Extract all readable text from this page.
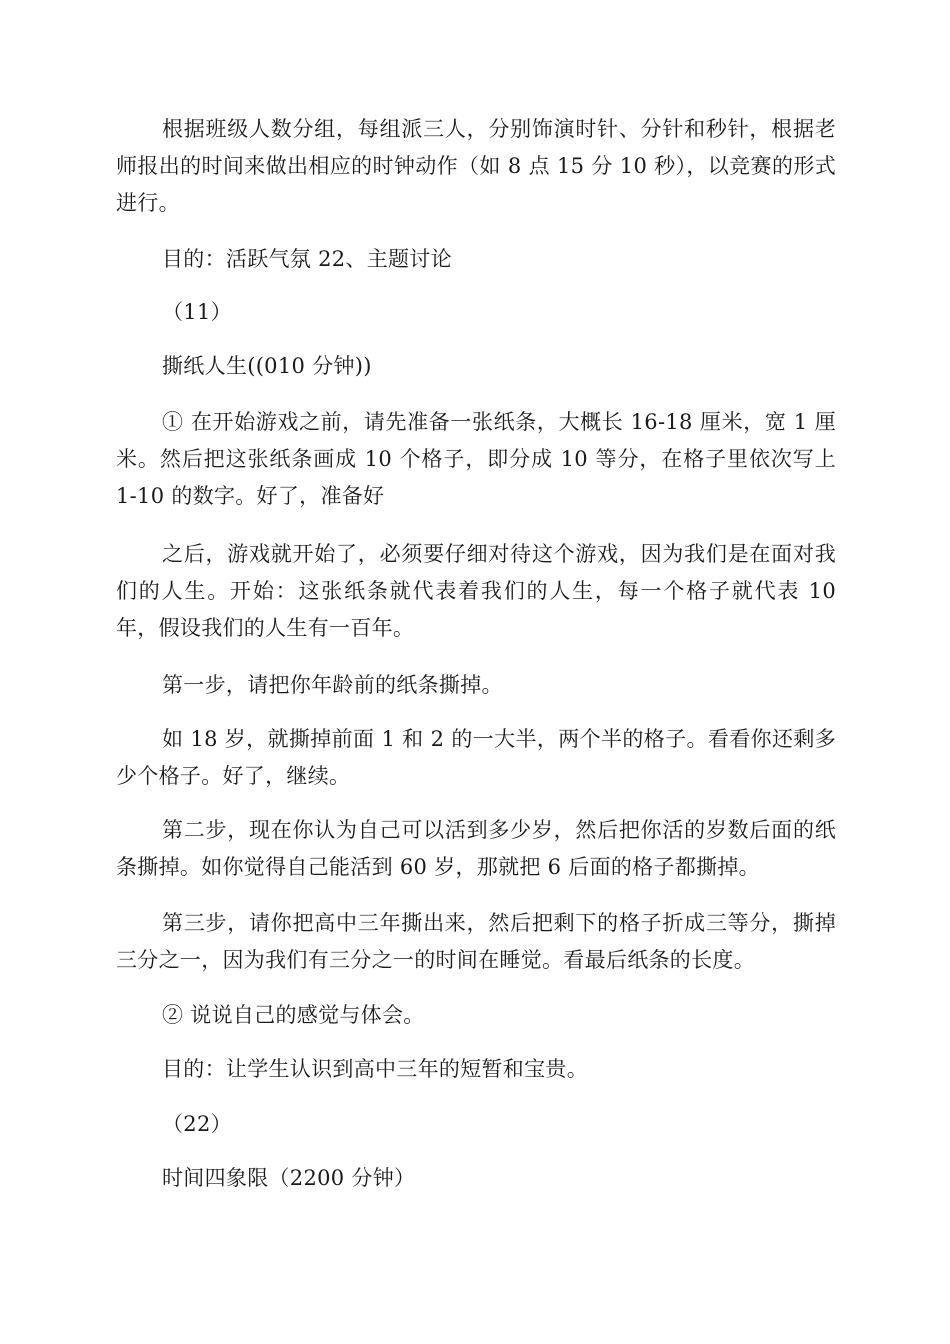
根据班级人数分组，每组派三人，分别饰演时针、分针和秒针，根据老师报出的时间来做出相应的时钟动作（如 8 点 15 分 10 秒），以竞赛的形式进行。

目的：活跃气氛 22、主题讨论

（11）

撕纸人生((010 分钟))

① 在开始游戏之前，请先准备一张纸条，大概长 16-18 厘米，宽 1 厘米。然后把这张纸条画成 10 个格子，即分成 10 等分，在格子里依次写上 1-10 的数字。好了，准备好

之后，游戏就开始了，必须要仔细对待这个游戏，因为我们是在面对我们的人生。开始：这张纸条就代表着我们的人生，每一个格子就代表 10 年，假设我们的人生有一百年。

第一步，请把你年龄前的纸条撕掉。

如 18 岁，就撕掉前面 1 和 2 的一大半，两个半的格子。看看你还剩多少个格子。好了，继续。

第二步，现在你认为自己可以活到多少岁，然后把你活的岁数后面的纸条撕掉。如你觉得自己能活到 60 岁，那就把 6 后面的格子都撕掉。

第三步，请你把高中三年撕出来，然后把剩下的格子折成三等分，撕掉三分之一，因为我们有三分之一的时间在睡觉。看最后纸条的长度。

② 说说自己的感觉与体会。

目的：让学生认识到高中三年的短暂和宝贵。

（22）

时间四象限（2200 分钟）
